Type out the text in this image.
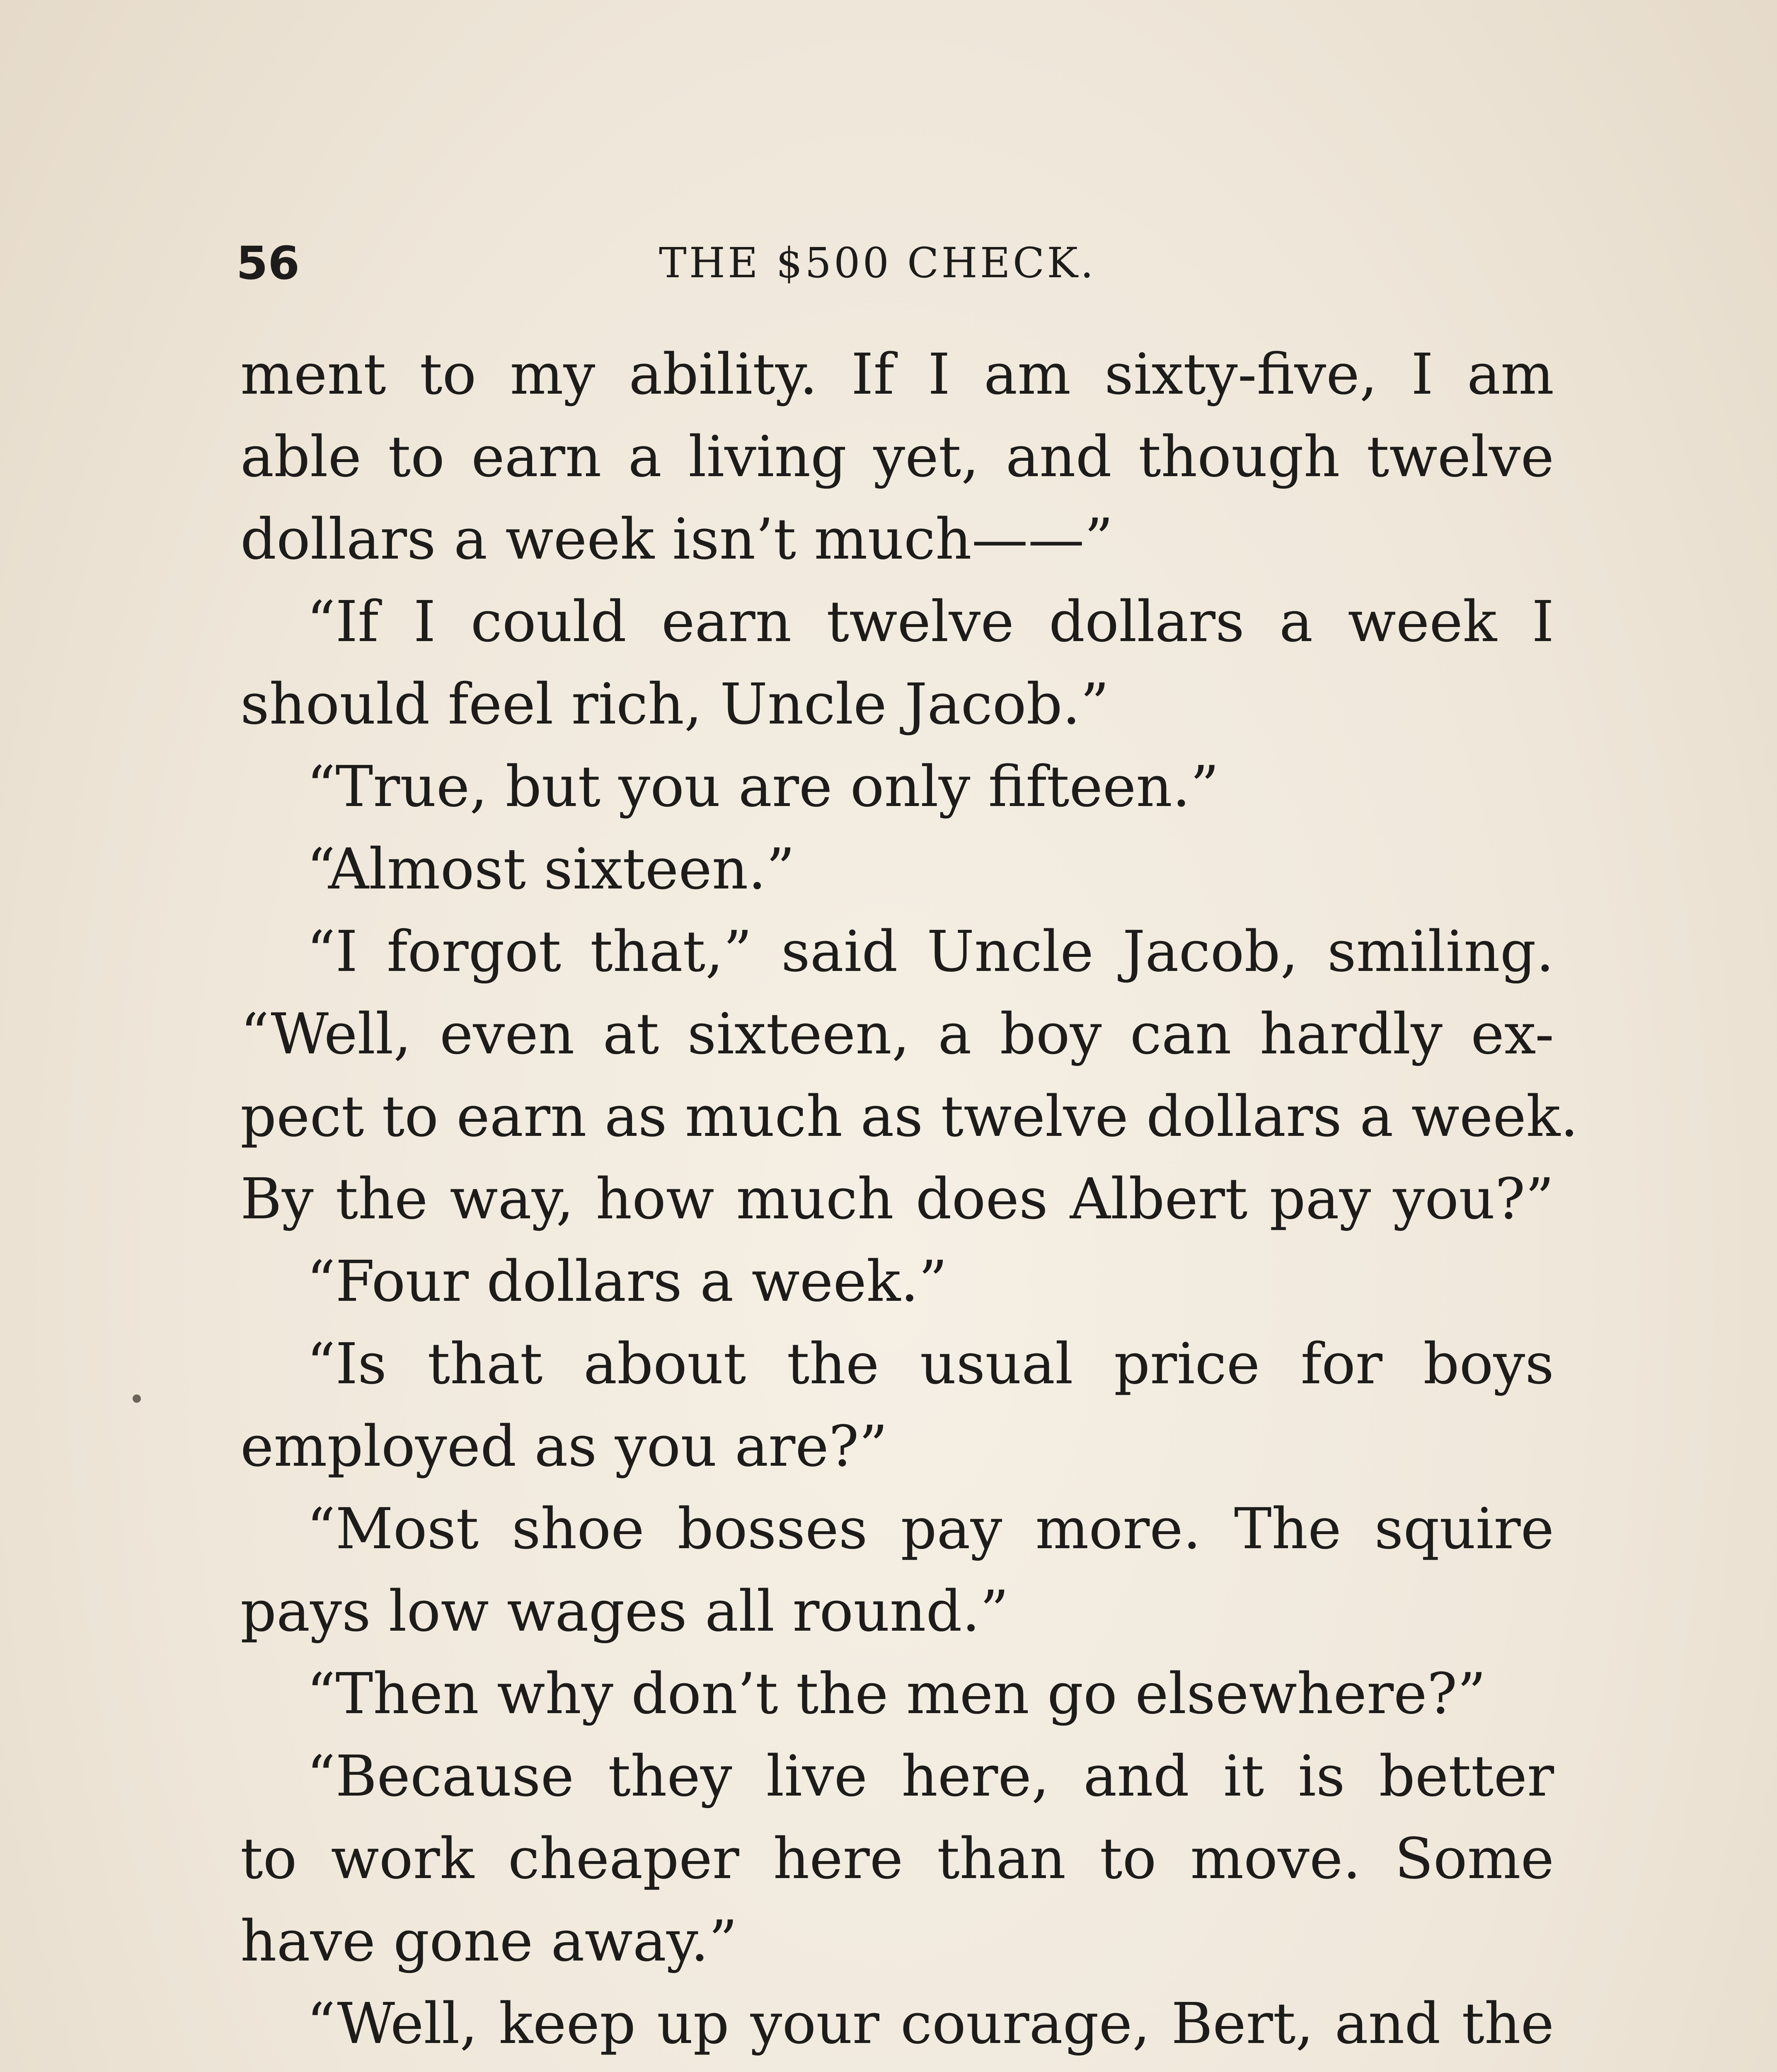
56	THE $500 CHECK.
ment to my ability. If I am sixty-five, I am
able to earn a living yet, and though twelve
dollars a week isn’t much——”
“If I could earn twelve dollars a week I
should feel rich, Uncle Jacob.”
“True, but you are only fifteen.”
“Almost sixteen.”
“I forgot that,” said Uncle Jacob, smiling.
“Well, even at sixteen, a boy can hardly ex-
pect to earn as much as twelve dollars a week.
By the way, how much does Albert pay you?”
“Four dollars a week.”
“Is that about the usual price for boys
employed as you are?”
“Most shoe bosses pay more. The squire
pays low wages all round.”
“Then why don’t the men go elsewhere?”
“Because they live here, and it is better
to work cheaper here than to move. Some
have gone away.”
“Well, keep up your courage, Bert, and the
